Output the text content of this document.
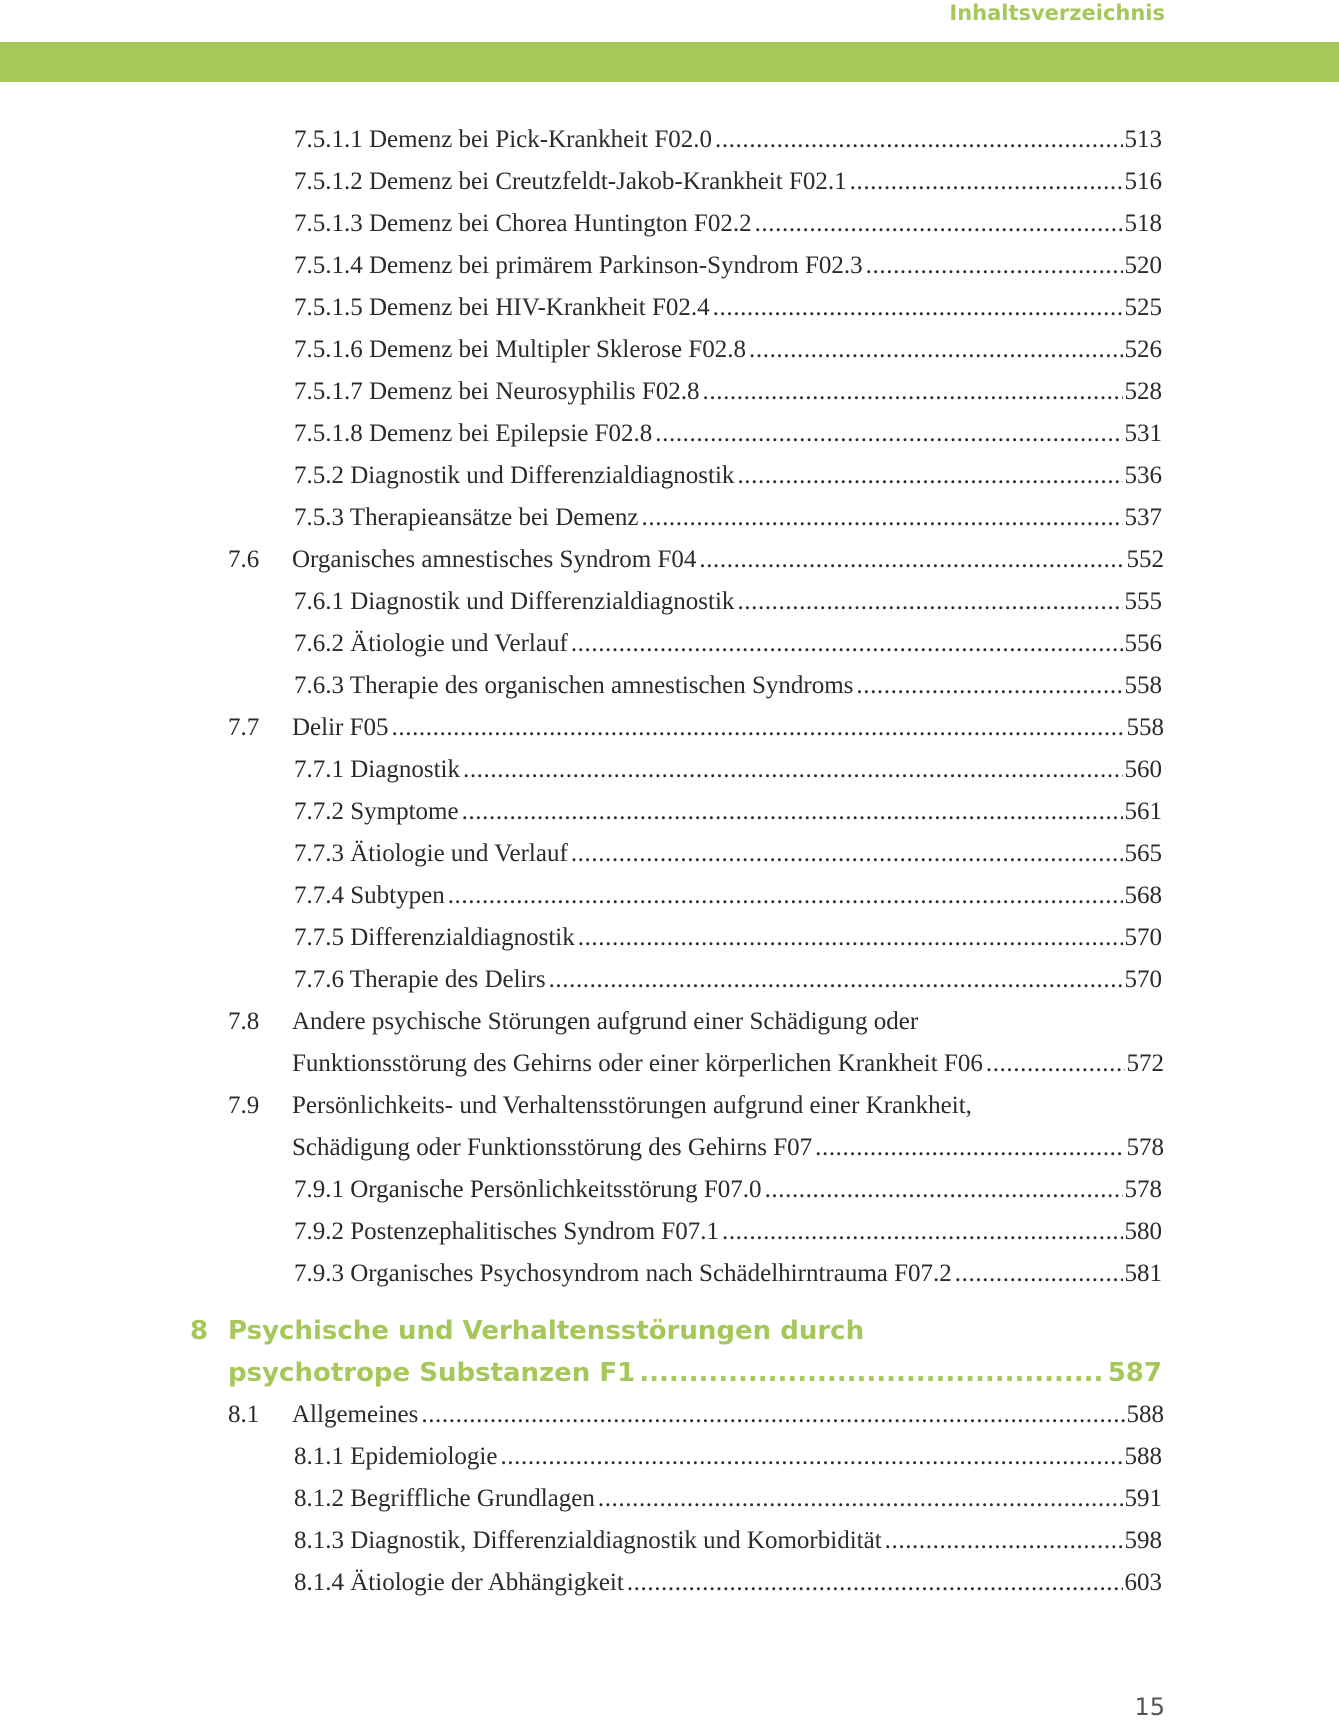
Inhaltsverzeichnis
7.5.1.1 Demenz bei Pick-Krankheit F02.0 .....	513
7.5.1.2 Demenz bei Creutzfeldt-Jakob-Krankheit F02.1 .....	516
7.5.1.3 Demenz bei Chorea Huntington F02.2 .....	518
7.5.1.4 Demenz bei primärem Parkinson-Syndrom F02.3 .....	520
7.5.1.5 Demenz bei HIV-Krankheit F02.4 .....	525
7.5.1.6 Demenz bei Multipler Sklerose F02.8 .....	526
7.5.1.7 Demenz bei Neurosyphilis F02.8 .....	528
7.5.1.8 Demenz bei Epilepsie F02.8 .....	531
7.5.2 Diagnostik und Differenzialdiagnostik .....	536
7.5.3 Therapieansätze bei Demenz .....	537
7.6 Organisches amnestisches Syndrom F04 .....	552
7.6.1 Diagnostik und Differenzialdiagnostik .....	555
7.6.2 Ätiologie und Verlauf .....	556
7.6.3 Therapie des organischen amnestischen Syndroms .....	558
7.7 Delir F05 .....	558
7.7.1 Diagnostik .....	560
7.7.2 Symptome .....	561
7.7.3 Ätiologie und Verlauf .....	565
7.7.4 Subtypen .....	568
7.7.5 Differenzialdiagnostik .....	570
7.7.6 Therapie des Delirs .....	570
7.8 Andere psychische Störungen aufgrund einer Schädigung oder
Funktionsstörung des Gehirns oder einer körperlichen Krankheit F06 .....	572
7.9 Persönlichkeits- und Verhaltensstörungen aufgrund einer Krankheit,
Schädigung oder Funktionsstörung des Gehirns F07 .....	578
7.9.1 Organische Persönlichkeitsstörung F07.0 .....	578
7.9.2 Postenzephalitisches Syndrom F07.1 .....	580
7.9.3 Organisches Psychosyndrom nach Schädelhirntrauma F07.2 .....	581
8 Psychische und Verhaltensstörungen durch
psychotrope Substanzen F1 .....	587
8.1 Allgemeines .....	588
8.1.1 Epidemiologie .....	588
8.1.2 Begriffliche Grundlagen .....	591
8.1.3 Diagnostik, Differenzialdiagnostik und Komorbidität .....	598
8.1.4 Ätiologie der Abhängigkeit .....	603
15
